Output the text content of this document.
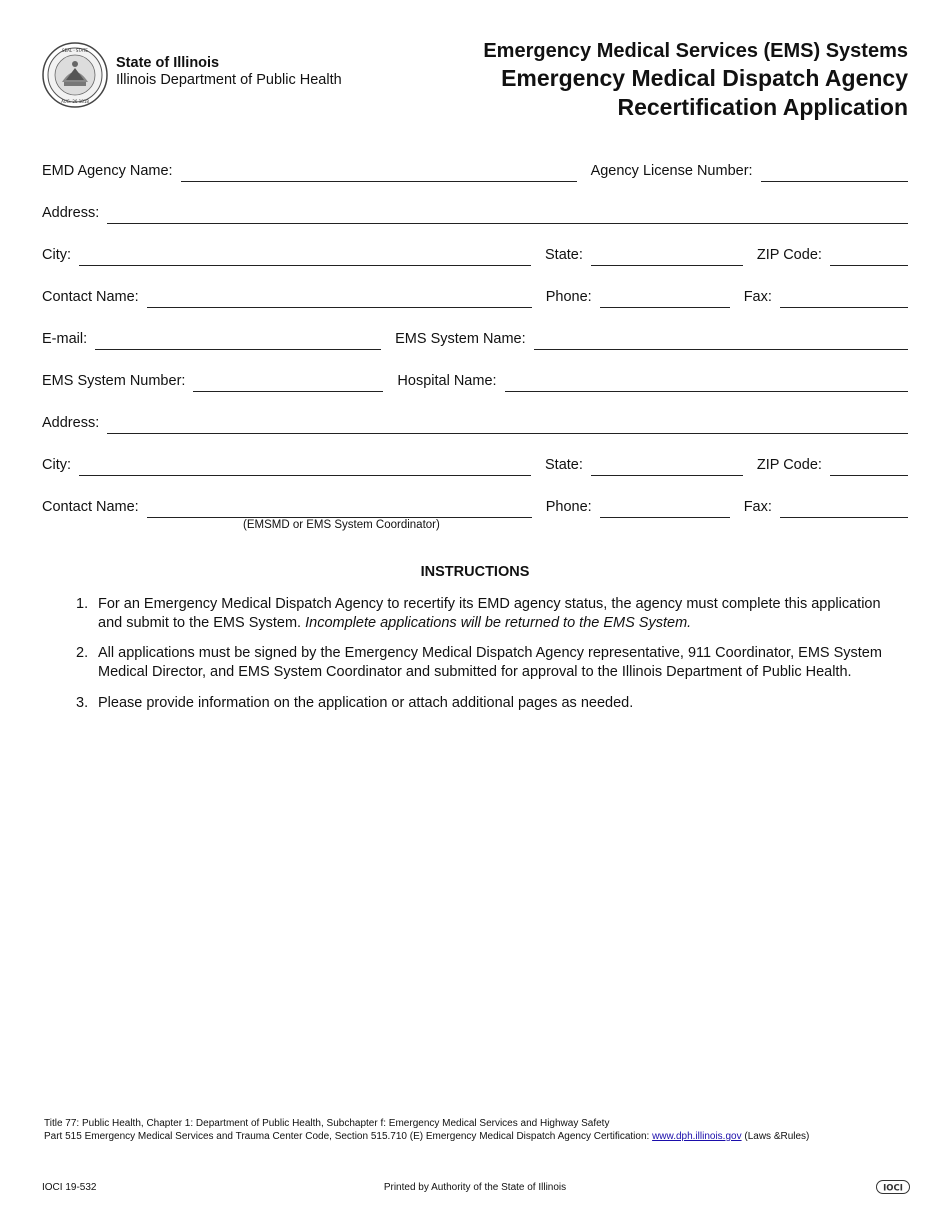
SEAL · STATE
AUG. 26 1818
State of Illinois
Illinois Department of Public Health
Emergency Medical Services (EMS) Systems
Emergency Medical Dispatch Agency
Recertification Application
EMD Agency Name:	Agency License Number:
Address:
City:	State:	ZIP Code:
Contact Name:	Phone:	Fax:
E-mail:	EMS System Name:
EMS System Number:	Hospital Name:
Address:
City:	State:	ZIP Code:
Contact Name:	Phone:	Fax:
(EMSMD or EMS System Coordinator)
INSTRUCTIONS
1. For an Emergency Medical Dispatch Agency to recertify its EMD agency status, the agency must complete this application and submit to the EMS System. Incomplete applications will be returned to the EMS System.
2. All applications must be signed by the Emergency Medical Dispatch Agency representative, 911 Coordinator, EMS System Medical Director, and EMS System Coordinator and submitted for approval to the Illinois Department of Public Health.
3. Please provide information on the application or attach additional pages as needed.
Title 77: Public Health, Chapter 1: Department of Public Health, Subchapter f: Emergency Medical Services and Highway Safety
Part 515 Emergency Medical Services and Trauma Center Code, Section 515.710 (E) Emergency Medical Dispatch Agency Certification: www.dph.illinois.gov (Laws &Rules)
IOCI 19-532	Printed by Authority of the State of Illinois	IOCI
